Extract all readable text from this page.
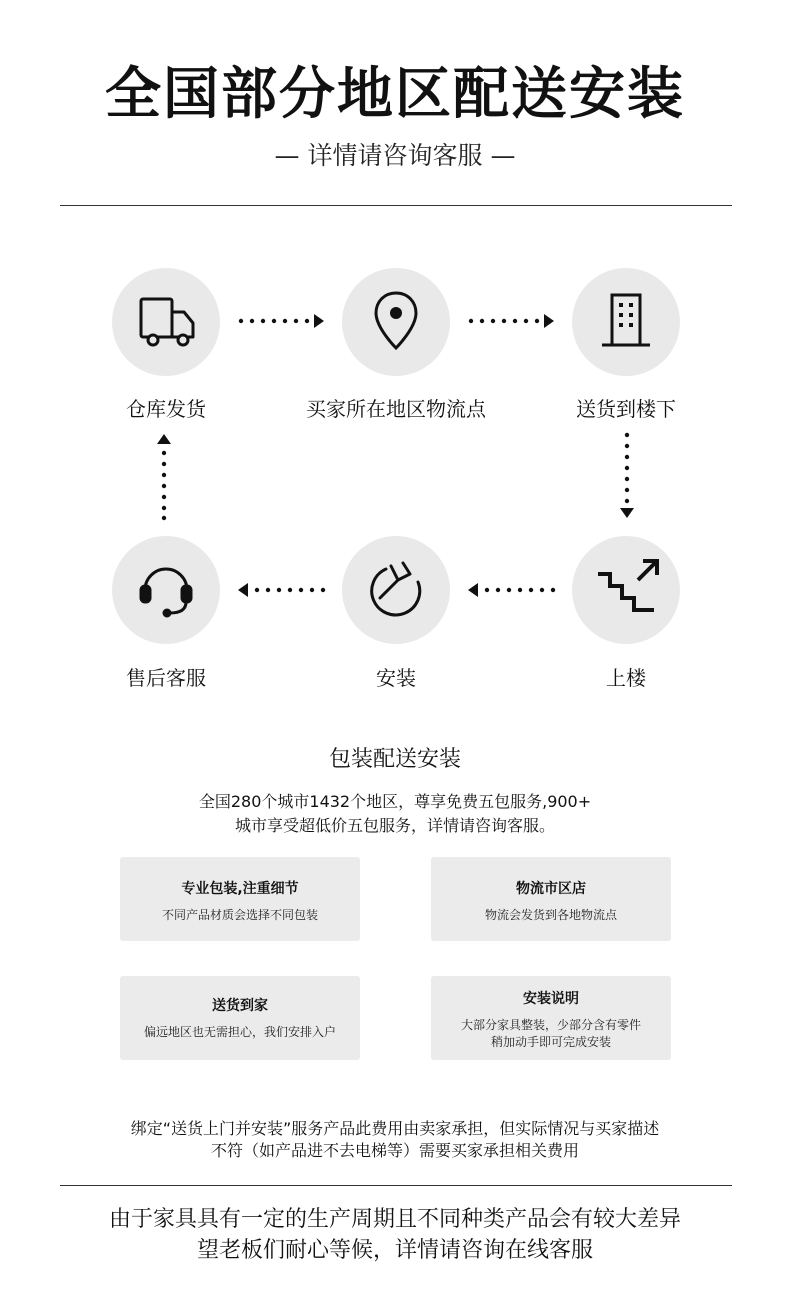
全国部分地区配送安装
— 详情请咨询客服 —
仓库发货	买家所在地区物流点	送货到楼下
上楼
安装
售后客服
包装配送安装
全国280个城市1432个地区，尊享免费五包服务,900+
城市享受超低价五包服务，详情请咨询客服。
专业包装,注重细节
不同产品材质会选择不同包装
物流市区店
物流会发货到各地物流点
送货到家
偏远地区也无需担心，我们安排入户
安装说明
大部分家具整装，少部分含有零件
稍加动手即可完成安装
绑定“送货上门并安装”服务产品此费用由卖家承担，但实际情况与买家描述
不符（如产品进不去电梯等）需要买家承担相关费用
由于家具具有一定的生产周期且不同种类产品会有较大差异
望老板们耐心等候，详情请咨询在线客服
